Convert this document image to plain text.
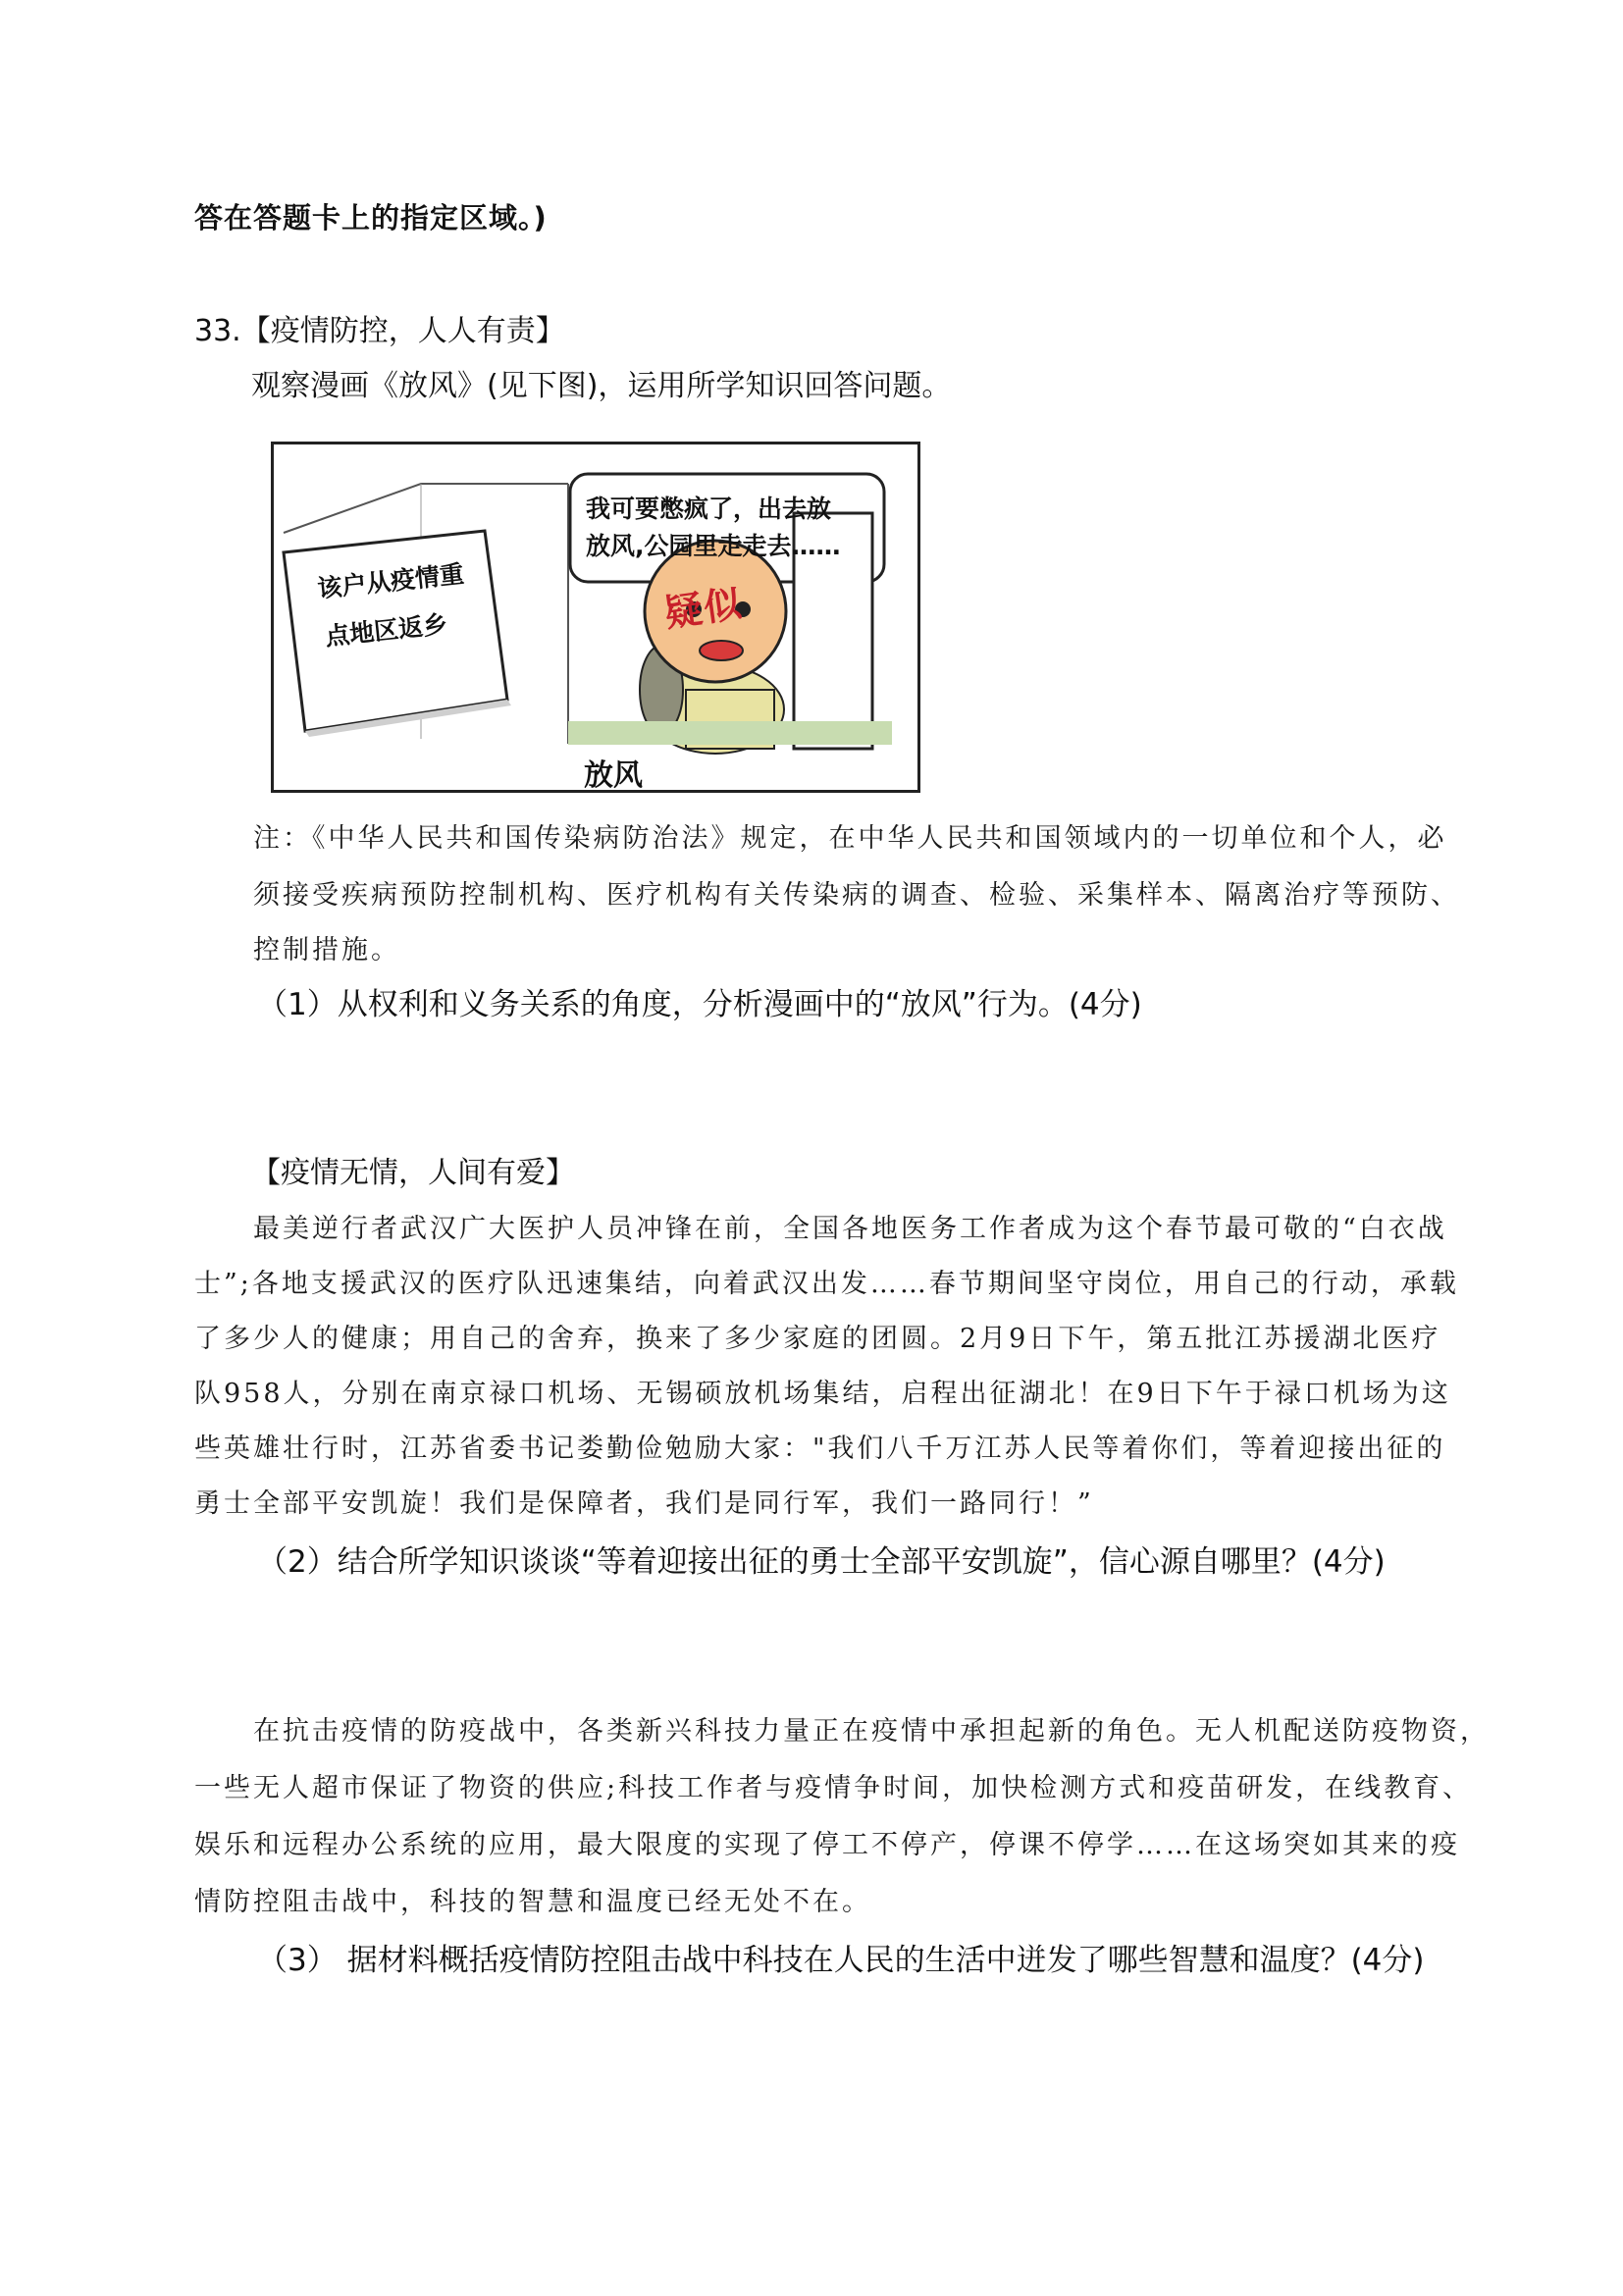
答在答题卡上的指定区域。)
33.【疫情防控，人人有责】
观察漫画《放风》(见下图)，运用所学知识回答问题。
该户从疫情重
点地区返乡
我可要憋疯了，出去放
放风,公园里走走去……
疑似
放风
注：《中华人民共和国传染病防治法》规定，在中华人民共和国领域内的一切单位和个人，必
须接受疾病预防控制机构、医疗机构有关传染病的调查、检验、采集样本、隔离治疗等预防、
控制措施。
（1）从权利和义务关系的角度，分析漫画中的“放风”行为。(4分)
【疫情无情，人间有爱】
最美逆行者武汉广大医护人员冲锋在前，全国各地医务工作者成为这个春节最可敬的“白衣战
士”;各地支援武汉的医疗队迅速集结，向着武汉出发……春节期间坚守岗位，用自己的行动，承载
了多少人的健康；用自己的舍弃，换来了多少家庭的团圆。2月9日下午，第五批江苏援湖北医疗
队958人，分别在南京禄口机场、无锡硕放机场集结，启程出征湖北！在9日下午于禄口机场为这
些英雄壮行时，江苏省委书记娄勤俭勉励大家："我们八千万江苏人民等着你们，等着迎接出征的
勇士全部平安凯旋！我们是保障者，我们是同行军，我们一路同行！”
（2）结合所学知识谈谈“等着迎接出征的勇士全部平安凯旋”，信心源自哪里？(4分)
在抗击疫情的防疫战中，各类新兴科技力量正在疫情中承担起新的角色。无人机配送防疫物资，
一些无人超市保证了物资的供应;科技工作者与疫情争时间，加快检测方式和疫苗研发，在线教育、
娱乐和远程办公系统的应用，最大限度的实现了停工不停产，停课不停学……在这场突如其来的疫
情防控阻击战中，科技的智慧和温度已经无处不在。
（3） 据材料概括疫情防控阻击战中科技在人民的生活中迸发了哪些智慧和温度？(4分)
